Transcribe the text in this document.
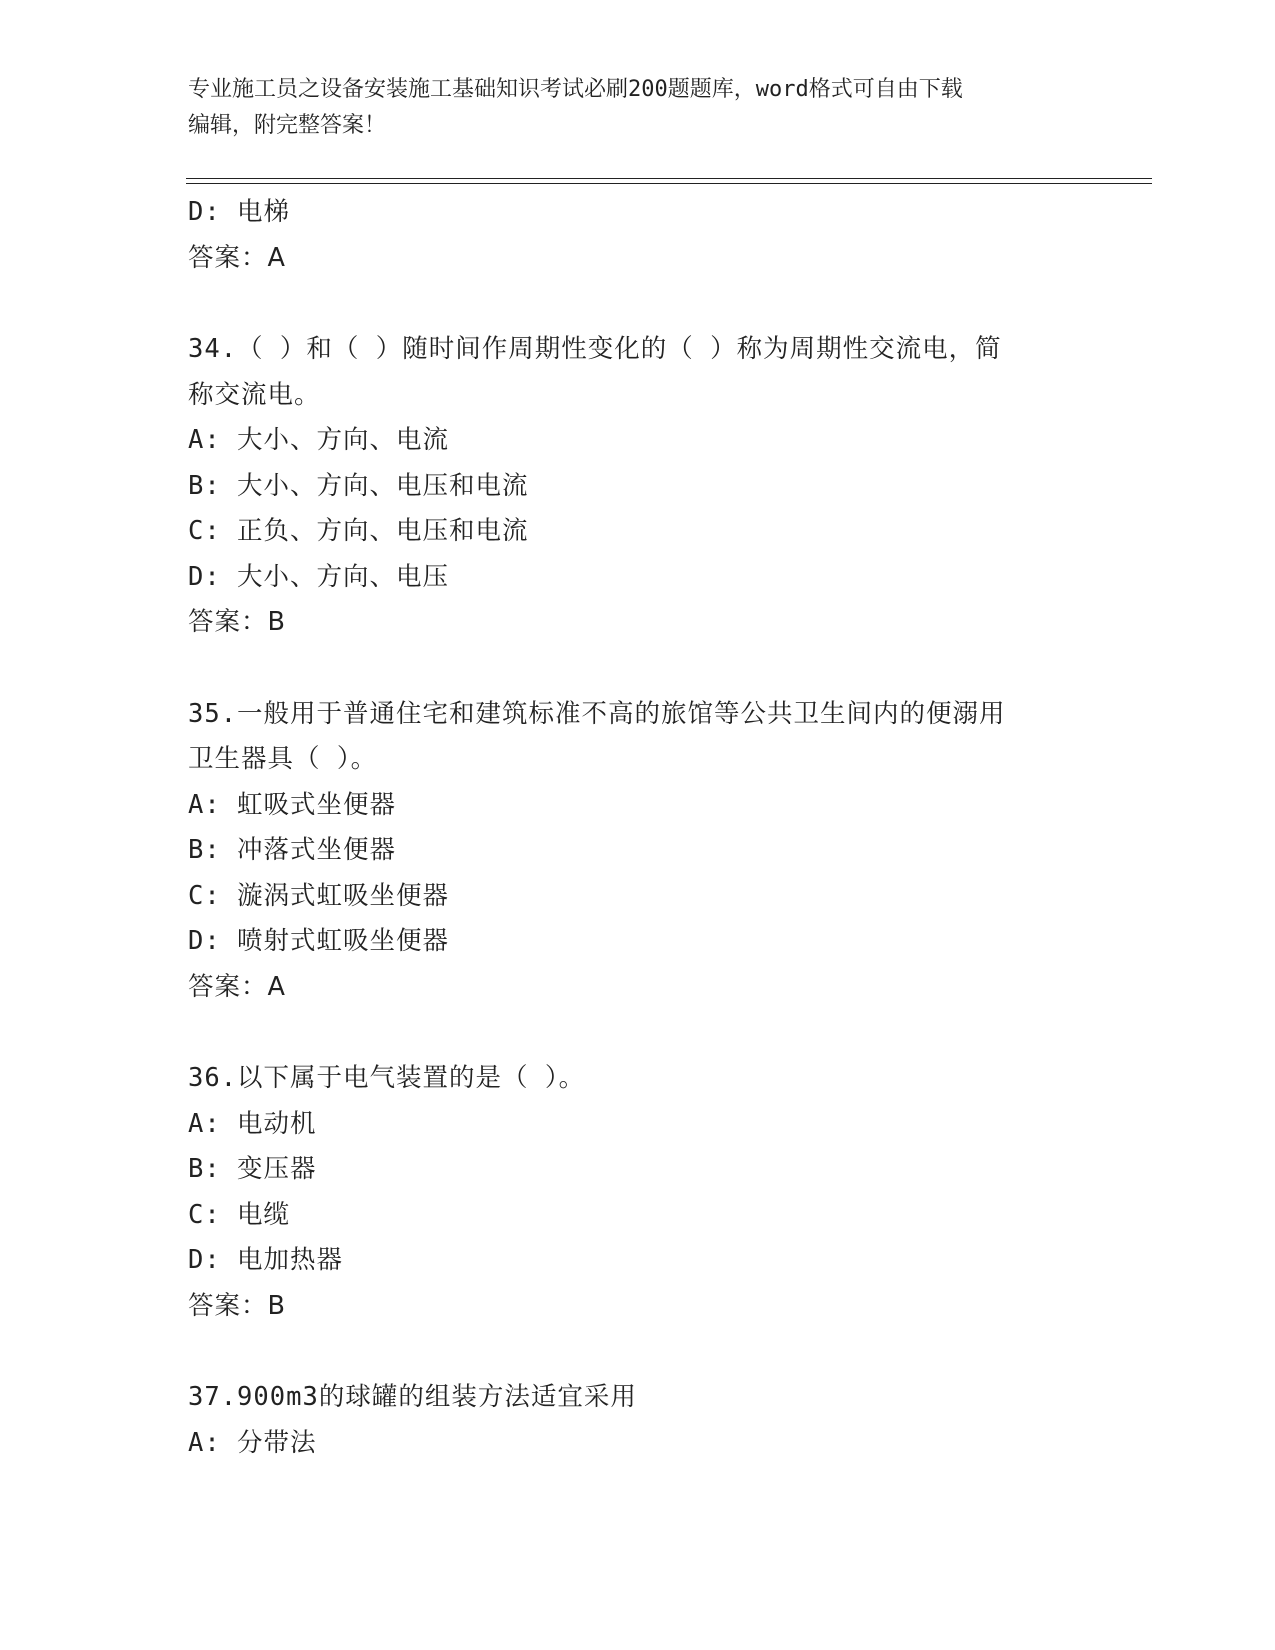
专业施工员之设备安装施工基础知识考试必刷200题题库，word格式可自由下载
编辑，附完整答案！
D: 电梯
答案：A
34.（ ）和（ ）随时间作周期性变化的（ ）称为周期性交流电，简
称交流电。
A: 大小、方向、电流
B: 大小、方向、电压和电流
C: 正负、方向、电压和电流
D: 大小、方向、电压
答案：B
35.一般用于普通住宅和建筑标准不高的旅馆等公共卫生间内的便溺用
卫生器具（ ）。
A: 虹吸式坐便器
B: 冲落式坐便器
C: 漩涡式虹吸坐便器
D: 喷射式虹吸坐便器
答案：A
36.以下属于电气装置的是（ ）。
A: 电动机
B: 变压器
C: 电缆
D: 电加热器
答案：B
37.900m3的球罐的组装方法适宜采用
A: 分带法
